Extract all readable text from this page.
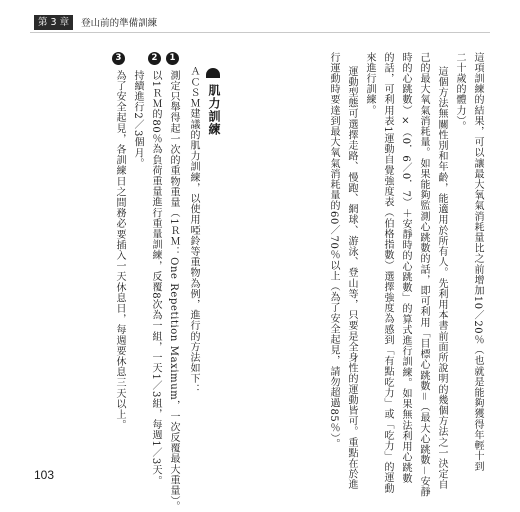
第 3 章	登山前的準備訓練
這項訓練的結果，可以讓最大氧氣消耗量比之前增加10／20％（也就是能夠獲得年輕十到
二十歲的體力）。
這個方法無關性別和年齡，能適用於所有人。先利用本書前面所說明的幾個方法之一決定自
己的最大氧氣消耗量。如果能夠監測心跳數的話，即可利用「目標心跳數＝（最大心跳數－安靜
時的心跳數）×（0．6／0．7）＋安靜時的心跳數」的算式進行訓練。如果無法利用心跳數
的話，可利用表1運動自覺強度表（伯格指數）選擇強度為感到「有點吃力」或「吃力」的運動
來進行訓練。
運動型態可選擇走路、慢跑、網球、游泳、登山等，只要是全身性的運動皆可。重點在於進
行運動時要達到最大氧氣消耗量的60／70％以上（為了安全起見，請勿超過85％）。
肌力訓練
ＡＣＳＭ建議的肌力訓練，以使用啞鈴等重物為例，進行的方法如下：
1
測定只舉得起一次的重物重量（1ＲＭ：One Repetition Maximum，一次反覆最大重量）。
2
以1ＲＭ的80％為負荷重量進行重量訓練，反覆8次為一組，一天1／3組，每週1／3天。
持續進行2／3個月。
3
為了安全起見，各訓練日之間務必要插入一天休息日，每週要休息三天以上。
103
